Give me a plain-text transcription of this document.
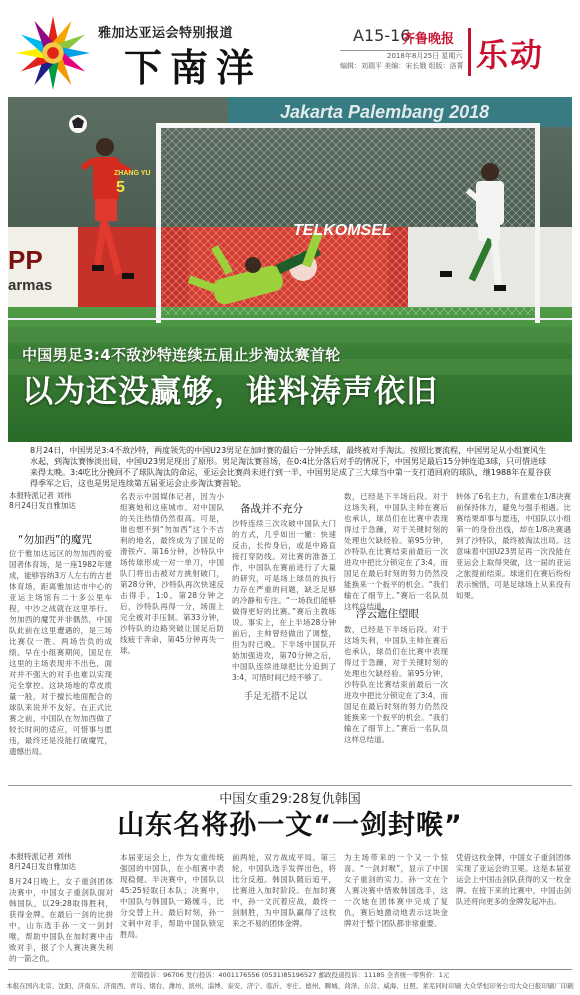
雅加达亚运会特别报道
下南洋
A15-16
齐鲁晚报
2018年8月25日 星期六
编辑：刘瑞平 美编：宋长娥 组版：洛菁 乐动
Jakarta Palembang 2018
PP
armas
TELKOMSEL
ZHANG YU
5
中国男足3:4不敌沙特连续五届止步淘汰赛首轮
以为还没赢够，谁料涛声依旧
8月24日，中国男足3:4不敌沙特，两度领先的中国U23男足在加时赛的最后一分钟丢球，最终被对手淘汰。按照比赛流程，中国男足从小组赛风生水起，到淘汰赛惨淡出局，中国U23男足现出了原形。男足淘汰赛首场，在0:4比分落后对手的情况下，中国男足最后15分钟连追3球，只可惜进球来得太晚。3:4吃比分挽回不了球队淘汰的命运，亚运会比赛尚未进行到一半，中国男足成了三大球当中第一支打道回府的球队，继1988年在夏谷获得季军之后，这也是男足连续第五届亚运会止步淘汰赛首轮。
本报特派记者 刘伟
8月24日发自雅加达
“勿加西”的魔咒
位于雅加达远区的勿加西的爱国者体育场，是一座1982年建成，能够容纳3万人左右的古老体育场，距离雅加达市中心的亚运主场馆有二十多公里车程，中沙之战就在这里举行。勿加西的魔咒并非偶然，中国队此前在这里遭遇的，是三场比赛仅一胜、两场告负的成绩。早在小组赛期间，国足在这里的主场表现并不出色，面对并不强大的对手也难以实现完全掌控。这块场地的草皮质量一般，对于擅长地面配合的球队来说并不友好。在正式比赛之前，中国队在勿加西做了较长时间的适应，可惜事与愿违，最终还是没能打破魔咒，遗憾出局。
名表示中国媒体记者，因为小组赛她和这座城市、对中国队的关注热情仍然很高。可是，谁也想不到“勿加西”这个不吉利的地名，最终成为了国足的滑铁卢。第16分钟，沙特队中场传球形成一对一单刀，中国队门将出击被对方挑射破门，第28分钟，沙特队再次快速反击得手，1:0。第28分钟之后，沙特队再得一分，场面上完全被对手压制。第33分钟，沙特队的边路突破让国足后防线疲于奔命，第45分钟再失一球。
备战并不充分
沙特连续三次攻破中国队大门的方式，几乎如出一辙：快速反击，长传身后，或是中路直接打穿防线。对比赛的准备工作，中国队在赛前进行了大量的研究，可是场上球员的执行力存在严重的问题，缺乏足够的冷静和专注。“一场我们能够做得更好的比赛。”赛后主教练说。事实上，在上半场28分钟前后，主帅曾经做出了调整，但为时已晚。下半场中国队开始加强进攻，第70分钟之后，中国队连续进球把比分追到了3:4，可惜时间已经不够了。
数，已经是下半场后段。对于这场失利，中国队主帅在赛后也承认，球员们在比赛中表现得过于急躁，对于关键时刻的处理也欠缺经验。第95分钟，沙特队在比赛结束前最后一次进攻中把比分锁定在了3:4，而国足在最后时刻的努力仍然没能换来一个扳平的机会。“我们输在了细节上。”赛后一名队员这样总结道。
浮云遮住望眼
手足无措不足以
数，已经是下半场后段。对于这场失利，中国队主帅在赛后也承认，球员们在比赛中表现得过于急躁，对于关键时刻的处理也欠缺经验。第95分钟，沙特队在比赛结束前最后一次进攻中把比分锁定在了3:4，而国足在最后时刻的努力仍然没能换来一个扳平的机会。“我们输在了细节上。”赛后一名队员这样总结道。
转体了6名主力，有意难在1/8决赛前保持体力，避免与强手相遇。比赛结果却事与愿违，中国队以小组第一的身份出线，却在1/8决赛遇到了沙特队，最终被淘汰出局。这意味着中国U23男足再一次没能在亚运会上取得突破，这一届的亚运之旅提前结束。球迷们在赛后纷纷表示惋惜，可是足球场上从来没有如果。
中国女重29:28复仇韩国
山东名将孙一文“一剑封喉”
本报特派记者 刘伟
8月24日发自雅加达
8月24日晚上，女子重剑团体决赛中，中国女子重剑队面对韩国队，以29:28取得胜利，获得金牌。在最后一剑的比拼中，山东选手孙一文一剑封喉，帮助中国队在加时赛中击败对手，报了个人赛决赛失利的一箭之仇。
本届亚运会上，作为女重传统强国的中国队，在小组赛中表现稳健。半决赛中，中国队以45:25轻取日本队；决赛中，中国队与韩国队一路缠斗，比分交替上升。最后时刻，孙一文刺中对手，帮助中国队锁定胜局。
前两轮，双方战成平局。第三轮，中国队选手发挥出色，将比分反超。韩国队随后追平，比赛进入加时阶段。在加时赛中，孙一文沉着应战，最终一剑制胜，为中国队赢得了这枚来之不易的团体金牌。
为主场带来的一个又一个惊喜。“一剑封喉”，显示了中国女子重剑的实力。孙一文在个人赛决赛中惜败韩国选手，这一次她在团体赛中完成了复仇，赛后她激动地表示这块金牌对于整个团队都非常重要。
凭借这枚金牌，中国女子重剑团体实现了亚运会的卫冕。这是本届亚运会上中国击剑队获得的又一枚金牌。在接下来的比赛中，中国击剑队还将向更多的金牌发起冲击。
差错投诉：96706 发行投诉：4001176556 (0531)85196527 邮政投递投诉：11185 全省统一零售价：1元
本报在国内北京、沈阳、济南东、济南西、青岛、烟台、潍坊、滨州、淄博、泰安、济宁、临沂、枣庄、德州、聊城、菏泽、东营、威海、日照、莱芜同时印刷 大众华恒印务公司大众日报印刷厂印刷
